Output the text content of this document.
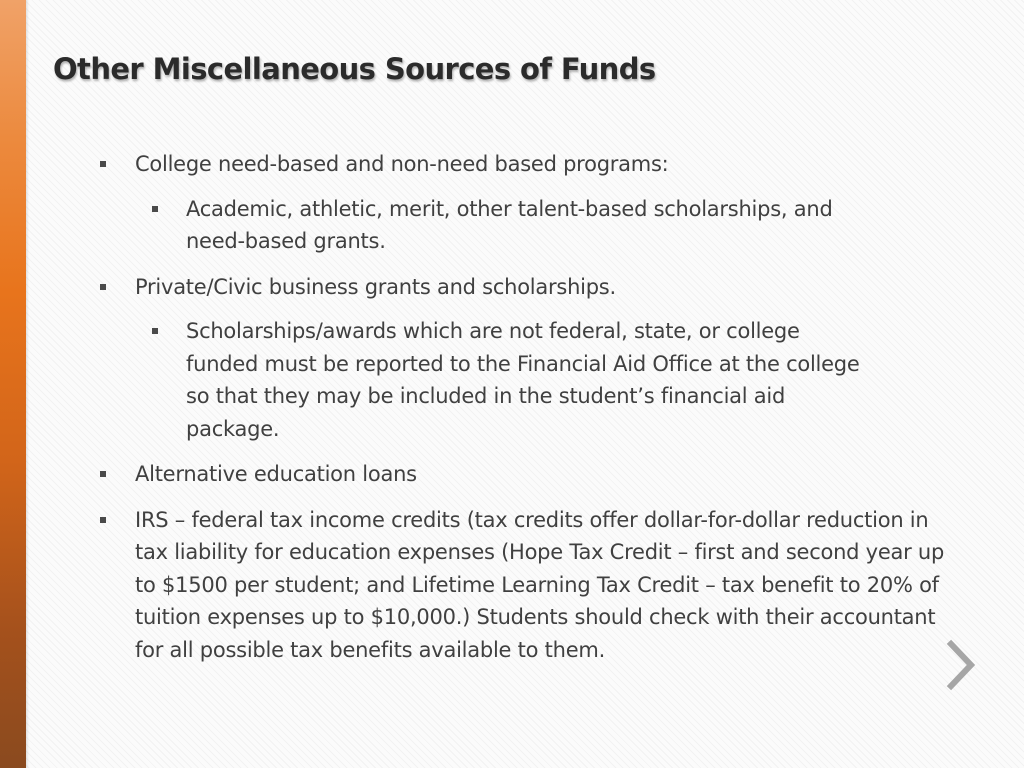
Other Miscellaneous Sources of Funds
College need-based and non-need based programs:
Academic, athletic, merit, other talent-based scholarships, and need-based grants.
Private/Civic business grants and scholarships.
Scholarships/awards which are not federal, state, or college funded must be reported to the Financial Aid Office at the college so that they may be included in the student’s financial aid package.
Alternative education loans
IRS – federal tax income credits (tax credits offer dollar-for-dollar reduction in tax liability for education expenses (Hope Tax Credit – first and second year up to $1500 per student; and Lifetime Learning Tax Credit – tax benefit to 20% of tuition expenses up to $10,000.) Students should check with their accountant for all possible tax benefits available to them.
